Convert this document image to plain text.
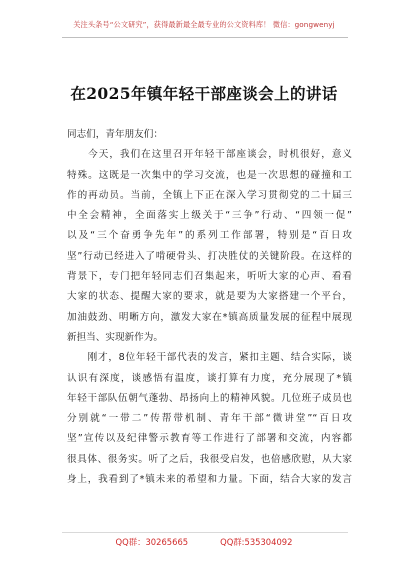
关注头条号“公文研究”，获得最新最全最专业的公文资料库！ 微信：gongwenyj
在2025年镇年轻干部座谈会上的讲话
同志们，青年朋友们：
　　今天，我们在这里召开年轻干部座谈会，时机很好，意义
特殊。这既是一次集中的学习交流，也是一次思想的碰撞和工
作的再动员。当前，全镇上下正在深入学习贯彻党的二十届三
中全会精神，全面落实上级关于“三争”行动、“四领一促”
以及“三个奋勇争先年”的系列工作部署，特别是“百日攻
坚”行动已经进入了啃硬骨头、打决胜仗的关键阶段。在这样的
背景下，专门把年轻同志们召集起来，听听大家的心声、看看
大家的状态、提醒大家的要求，就是要为大家搭建一个平台，
加油鼓劲、明晰方向，激发大家在*镇高质量发展的征程中展现
新担当、实现新作为。
　　刚才，8位年轻干部代表的发言，紧扣主题、结合实际，谈
认识有深度，谈感悟有温度，谈打算有力度，充分展现了*镇
年轻干部队伍朝气蓬勃、昂扬向上的精神风貌。几位班子成员也
分别就“一带二”传帮带机制、青年干部“微讲堂”“百日攻
坚”宣传以及纪律警示教育等工作进行了部署和交流，内容都
很具体、很务实。听了之后，我很受启发，也倍感欣慰，从大家
身上，我看到了*镇未来的希望和力量。下面，结合大家的发言
QQ群：30265665	QQ群:535304092
